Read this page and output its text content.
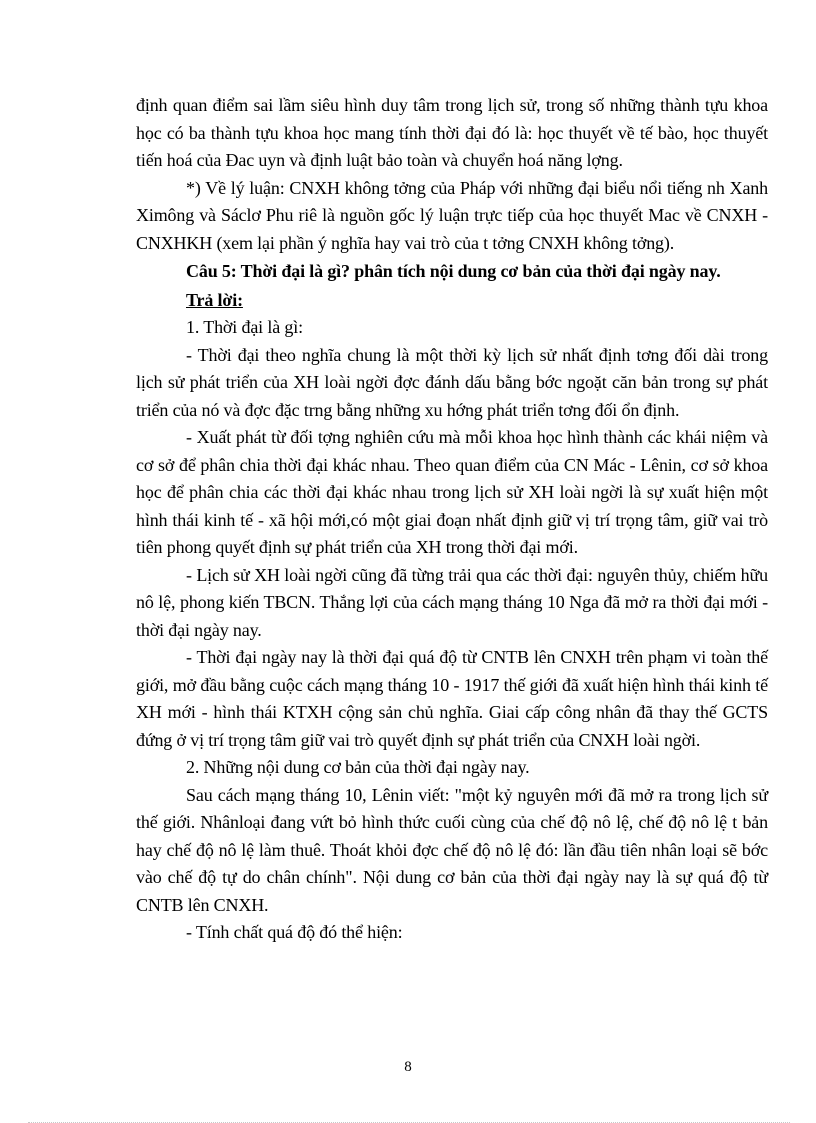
định quan điểm sai lầm siêu hình duy tâm trong lịch sử, trong số những thành tựu khoa học có ba thành tựu khoa học mang tính thời đại đó là: học thuyết về tế bào, học thuyết tiến hoá của Đac uyn và định luật bảo toàn và chuyển hoá năng lợng.

*) Về lý luận: CNXH không tởng của Pháp với những đại biểu nổi tiếng nh Xanh Ximông và Sáclơ Phu riê là nguồn gốc lý luận trực tiếp của học thuyết Mac về CNXH - CNXHKH (xem lại phần ý nghĩa hay vai trò của t tởng CNXH không tởng).

Câu 5: Thời đại là gì? phân tích nội dung cơ bản của thời đại ngày nay.

Trả lời:

1. Thời đại là gì:

- Thời đại theo nghĩa chung là một thời kỳ lịch sử nhất định tơng đối dài trong lịch sử phát triển của XH loài ngời đợc đánh dấu bằng bớc ngoặt căn bản trong sự phát triển của nó và đợc đặc trng bằng những xu hớng phát triển tơng đối ổn định.

- Xuất phát từ đối tợng nghiên cứu mà mỗi khoa học hình thành các khái niệm và cơ sở để phân chia thời đại khác nhau. Theo quan điểm của CN Mác - Lênin, cơ sở khoa học để phân chia các thời đại khác nhau trong lịch sử XH loài ngời là sự xuất hiện một hình thái kinh tế - xã hội mới,có một giai đoạn nhất định giữ vị trí trọng tâm, giữ vai trò tiên phong quyết định sự phát triển của XH trong thời đại mới.

- Lịch sử XH loài ngời cũng đã từng trải qua các thời đại: nguyên thủy, chiếm hữu nô lệ, phong kiến TBCN. Thắng lợi của cách mạng tháng 10 Nga đã mở ra thời đại mới - thời đại ngày nay.

- Thời đại ngày nay là thời đại quá độ từ CNTB lên CNXH trên phạm vi toàn thế giới, mở đầu bằng cuộc cách mạng tháng 10 - 1917 thế giới đã xuất hiện hình thái kinh tế XH mới - hình thái KTXH cộng sản chủ nghĩa. Giai cấp công nhân đã thay thế GCTS đứng ở vị trí trọng tâm giữ vai trò quyết định sự phát triển của CNXH loài ngời.

2. Những nội dung cơ bản của thời đại ngày nay.

Sau cách mạng tháng 10, Lênin viết: "một kỷ nguyên mới đã mở ra trong lịch sử thế giới. Nhânloại đang vứt bỏ hình thức cuối cùng của chế độ nô lệ, chế độ nô lệ t bản hay chế độ nô lệ làm thuê. Thoát khỏi đợc chế độ nô lệ đó: lần đầu tiên nhân loại sẽ bớc vào chế độ tự do chân chính". Nội dung cơ bản của thời đại ngày nay là sự quá độ từ CNTB lên CNXH.

- Tính chất quá độ đó thể hiện:

8
